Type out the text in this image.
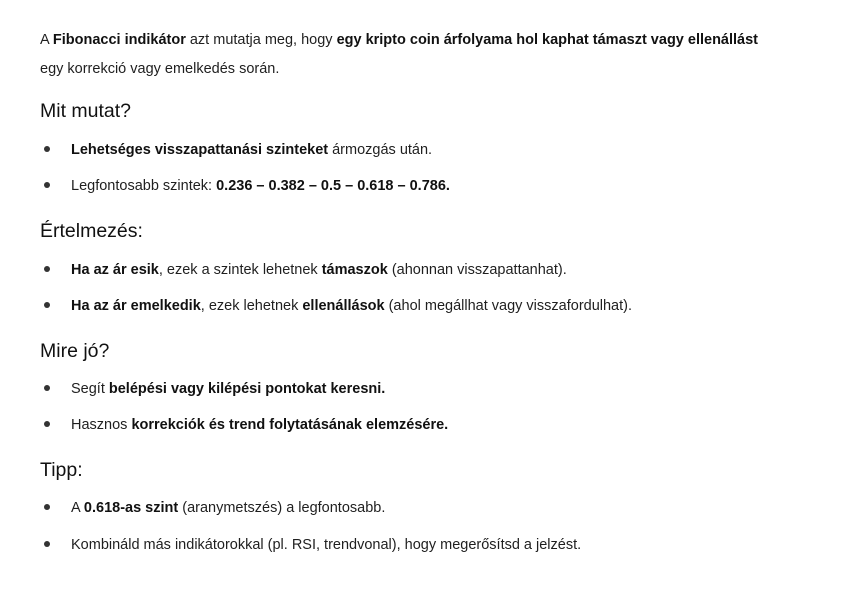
A Fibonacci indikátor azt mutatja meg, hogy egy kripto coin árfolyama hol kaphat támaszt vagy ellenállást
egy korrekció vagy emelkedés során.

Mit mutat?

Lehetséges visszapattanási szinteket ármozgás után.

Legfontosabb szintek: 0.236 – 0.382 – 0.5 – 0.618 – 0.786.

Értelmezés:

Ha az ár esik, ezek a szintek lehetnek támaszok (ahonnan visszapattanhat).

Ha az ár emelkedik, ezek lehetnek ellenállások (ahol megállhat vagy visszafordulhat).

Mire jó?

Segít belépési vagy kilépési pontokat keresni.

Hasznos korrekciók és trend folytatásának elemzésére.

Tipp:

A 0.618-as szint (aranymetszés) a legfontosabb.

Kombináld más indikátorokkal (pl. RSI, trendvonal), hogy megerősítsd a jelzést.
